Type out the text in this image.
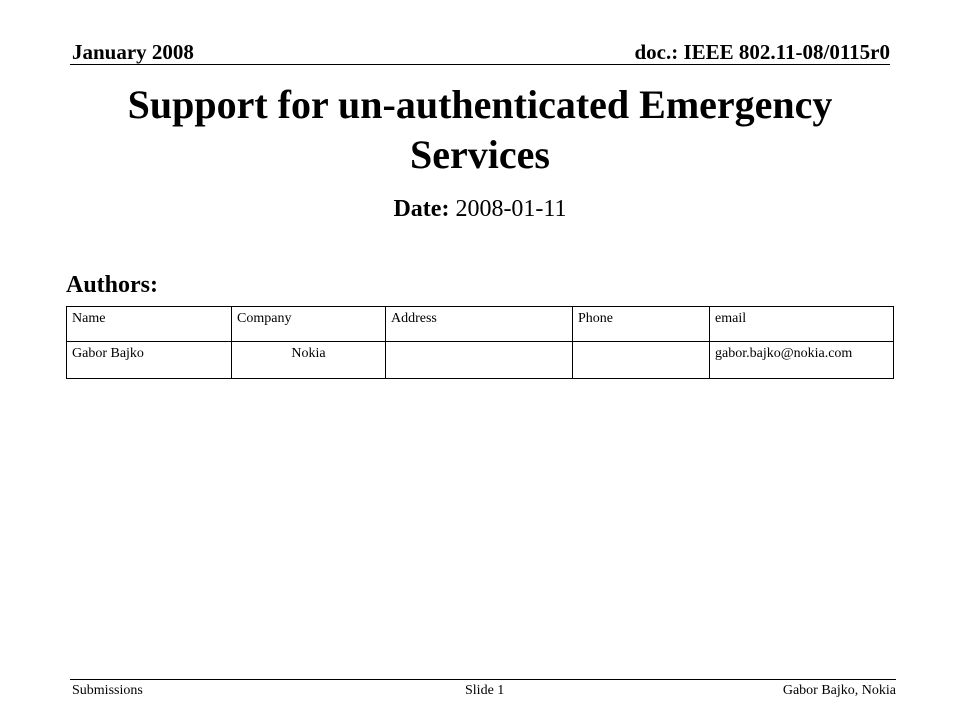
January 2008	doc.: IEEE 802.11-08/0115r0
Support for un-authenticated Emergency Services
Date: 2008-01-11
Authors:
Name	Company	Address	Phone	email
Gabor Bajko	Nokia			gabor.bajko@nokia.com
Submissions	Slide 1	Gabor Bajko, Nokia
